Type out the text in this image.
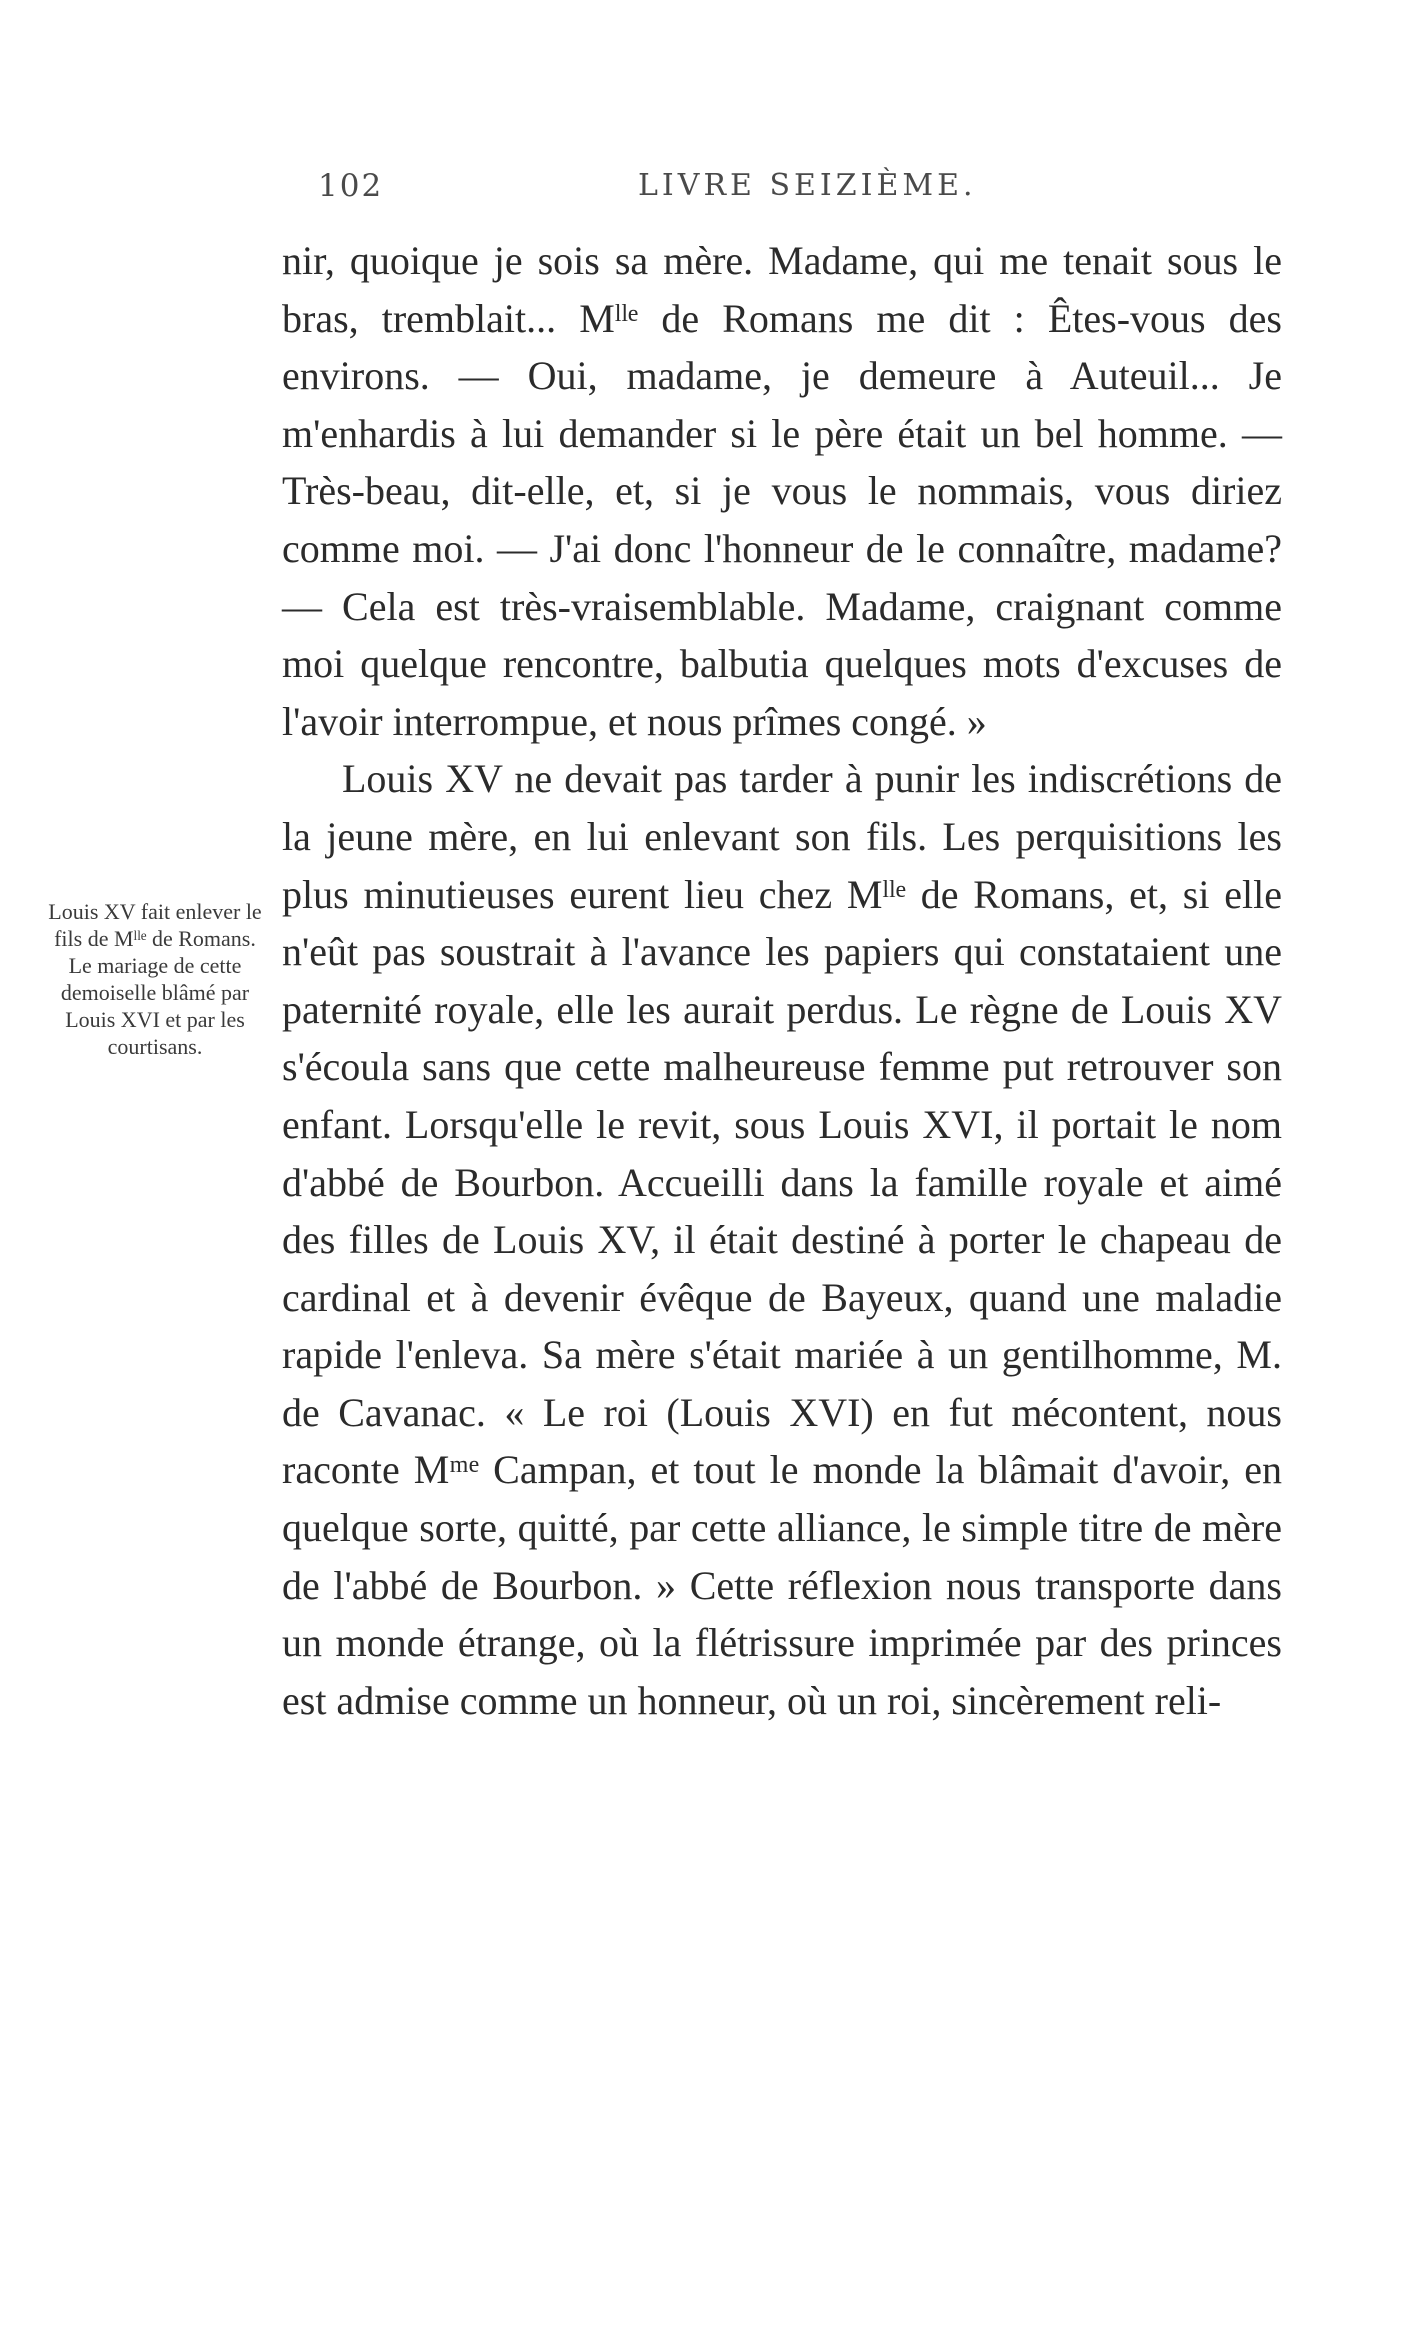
102	LIVRE SEIZIÈME.
Louis XV fait enlever le fils de Mˡˡᵉ de Romans. Le mariage de cette demoiselle blâmé par Louis XVI et par les courtisans.

nir, quoique je sois sa mère. Madame, qui me tenait sous le bras, tremblait... Mˡˡᵉ de Romans me dit : Êtes-vous des environs. — Oui, madame, je demeure à Auteuil... Je m'enhardis à lui demander si le père était un bel homme. — Très-beau, dit-elle, et, si je vous le nommais, vous diriez comme moi. — J'ai donc l'honneur de le connaître, madame? — Cela est très-vraisemblable. Madame, craignant comme moi quelque rencontre, balbutia quelques mots d'excuses de l'avoir interrompue, et nous prîmes congé. »

Louis XV ne devait pas tarder à punir les indiscrétions de la jeune mère, en lui enlevant son fils. Les perquisitions les plus minutieuses eurent lieu chez Mˡˡᵉ de Romans, et, si elle n'eût pas soustrait à l'avance les papiers qui constataient une paternité royale, elle les aurait perdus. Le règne de Louis XV s'écoula sans que cette malheureuse femme put retrouver son enfant. Lorsqu'elle le revit, sous Louis XVI, il portait le nom d'abbé de Bourbon. Accueilli dans la famille royale et aimé des filles de Louis XV, il était destiné à porter le chapeau de cardinal et à devenir évêque de Bayeux, quand une maladie rapide l'enleva. Sa mère s'était mariée à un gentilhomme, M. de Cavanac. « Le roi (Louis XVI) en fut mécontent, nous raconte Mᵐᵉ Campan, et tout le monde la blâmait d'avoir, en quelque sorte, quitté, par cette alliance, le simple titre de mère de l'abbé de Bourbon. » Cette réflexion nous transporte dans un monde étrange, où la flétrissure imprimée par des princes est admise comme un honneur, où un roi, sincèrement reli-
